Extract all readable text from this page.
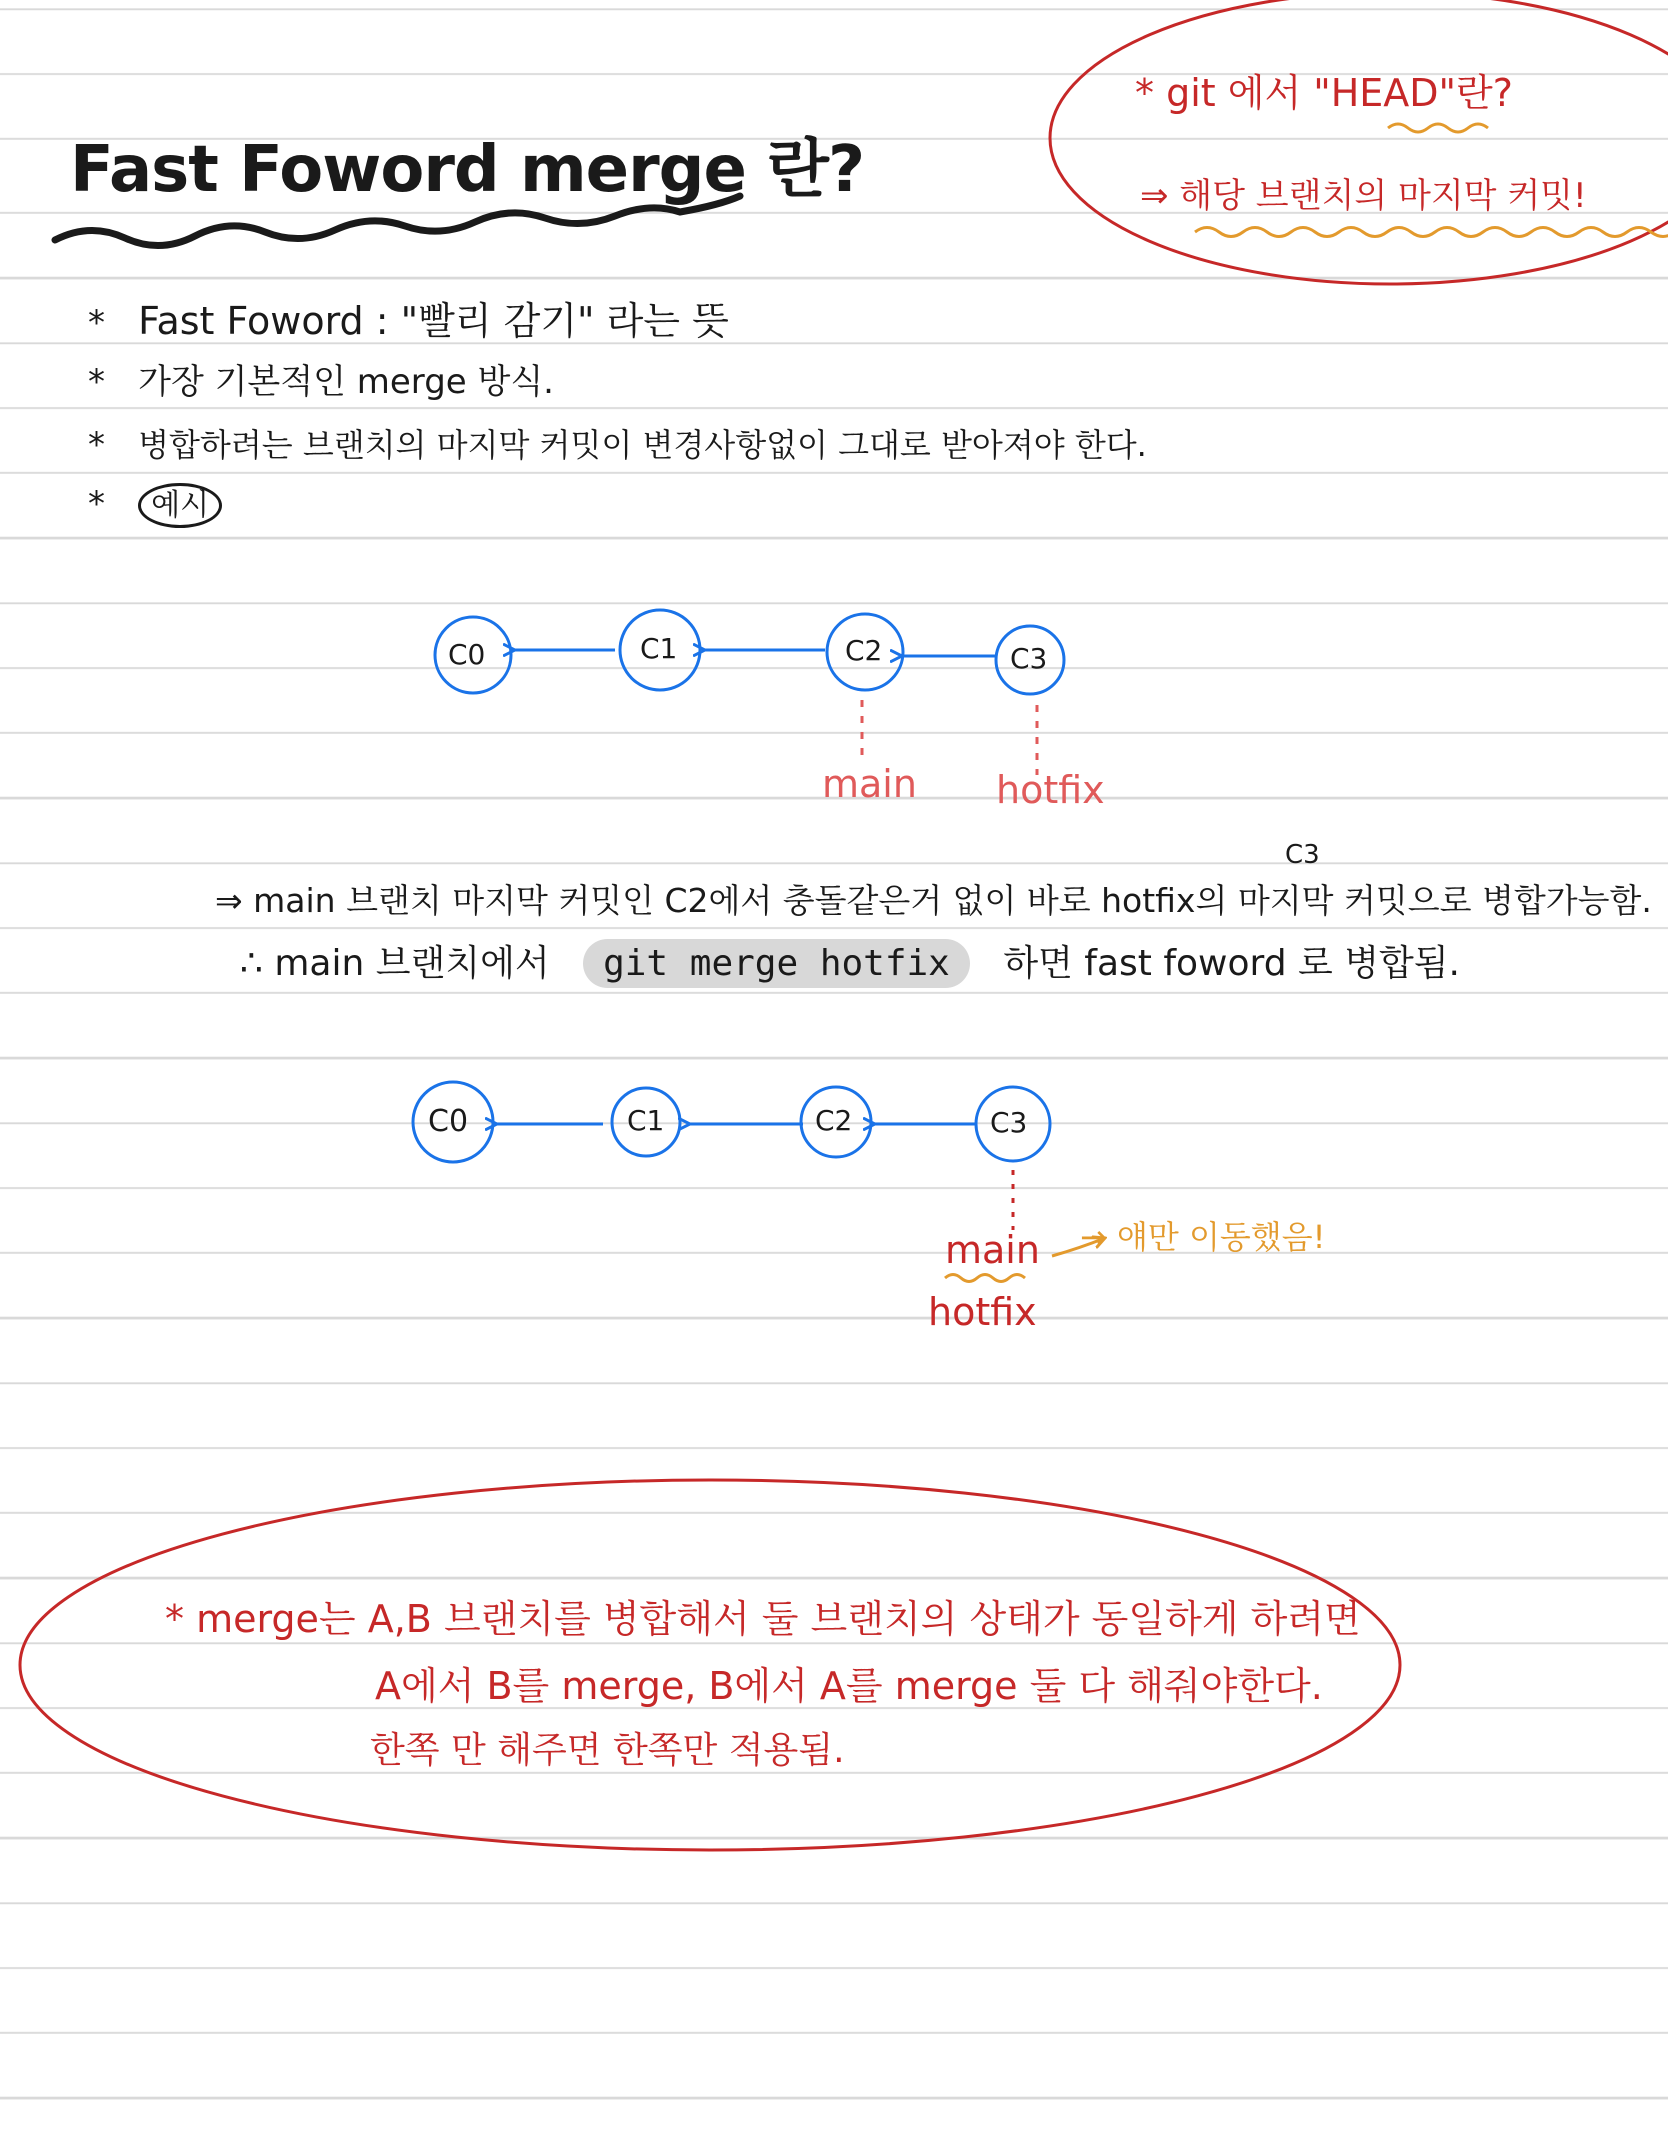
Fast Foword merge 란?
* git 에서 "HEAD"란?
⇒ 해당 브랜치의 마지막 커밋!
* Fast Foword : "빨리 감기" 라는 뜻
* 가장 기본적인 merge 방식.
* 병합하려는 브랜치의 마지막 커밋이 변경사항없이 그대로 받아져야 한다.
* 예시
C0	C1	C2	C3
main hotfix
C3
⇒ main 브랜치 마지막 커밋인 C2에서 충돌같은거 없이 바로 hotfix의 마지막 커밋으로 병합가능함.
∴ main 브랜치에서 git merge hotfix 하면 fast foword 로 병합됨.
C0	C1	C2	C3
main
hotfix
→ 얘만 이동했음!
* merge는 A,B 브랜치를 병합해서 둘 브랜치의 상태가 동일하게 하려면
A에서 B를 merge, B에서 A를 merge 둘 다 해줘야한다.
한쪽 만 해주면 한쪽만 적용됨.
